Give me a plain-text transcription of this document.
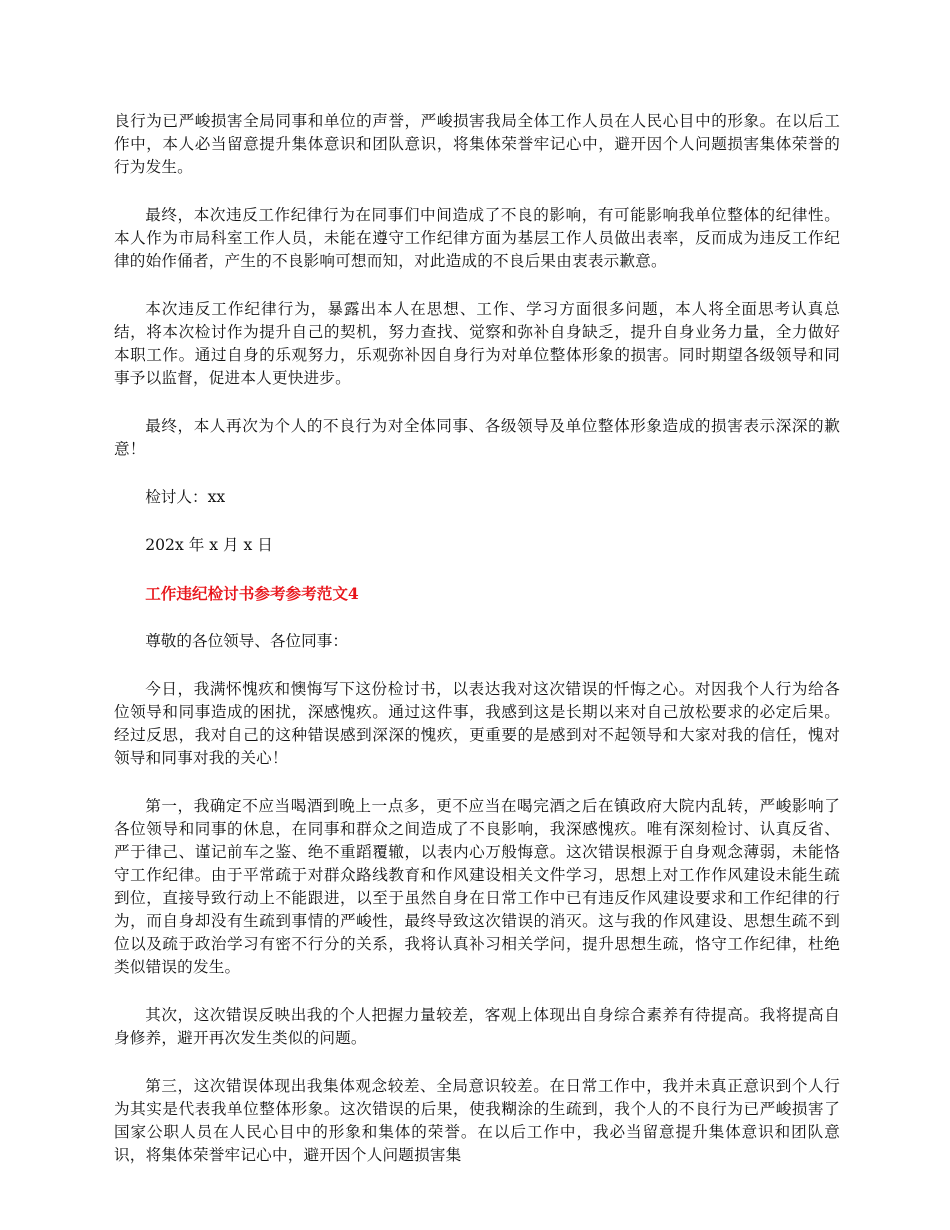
良行为已严峻损害全局同事和单位的声誉，严峻损害我局全体工作人员在人民心目中的形象。在以后工作中，本人必当留意提升集体意识和团队意识，将集体荣誉牢记心中，避开因个人问题损害集体荣誉的行为发生。

最终，本次违反工作纪律行为在同事们中间造成了不良的影响，有可能影响我单位整体的纪律性。本人作为市局科室工作人员，未能在遵守工作纪律方面为基层工作人员做出表率，反而成为违反工作纪律的始作俑者，产生的不良影响可想而知，对此造成的不良后果由衷表示歉意。

本次违反工作纪律行为，暴露出本人在思想、工作、学习方面很多问题，本人将全面思考认真总结，将本次检讨作为提升自己的契机，努力查找、觉察和弥补自身缺乏，提升自身业务力量，全力做好本职工作。通过自身的乐观努力，乐观弥补因自身行为对单位整体形象的损害。同时期望各级领导和同事予以监督，促进本人更快进步。

最终，本人再次为个人的不良行为对全体同事、各级领导及单位整体形象造成的损害表示深深的歉意！

检讨人：xx

202x 年 x 月 x 日

工作违纪检讨书参考参考范文4

尊敬的各位领导、各位同事：

今日，我满怀愧疚和懊悔写下这份检讨书，以表达我对这次错误的忏悔之心。对因我个人行为给各位领导和同事造成的困扰，深感愧疚。通过这件事，我感到这是长期以来对自己放松要求的必定后果。经过反思，我对自己的这种错误感到深深的愧疚，更重要的是感到对不起领导和大家对我的信任，愧对领导和同事对我的关心！

第一，我确定不应当喝酒到晚上一点多，更不应当在喝完酒之后在镇政府大院内乱转，严峻影响了各位领导和同事的休息，在同事和群众之间造成了不良影响，我深感愧疚。唯有深刻检讨、认真反省、严于律己、谨记前车之鉴、绝不重蹈覆辙，以表内心万般悔意。这次错误根源于自身观念薄弱，未能恪守工作纪律。由于平常疏于对群众路线教育和作风建设相关文件学习，思想上对工作作风建设未能生疏到位，直接导致行动上不能跟进，以至于虽然自身在日常工作中已有违反作风建设要求和工作纪律的行为，而自身却没有生疏到事情的严峻性，最终导致这次错误的消灭。这与我的作风建设、思想生疏不到位以及疏于政治学习有密不行分的关系，我将认真补习相关学问，提升思想生疏，恪守工作纪律，杜绝类似错误的发生。

其次，这次错误反映出我的个人把握力量较差，客观上体现出自身综合素养有待提高。我将提高自身修养，避开再次发生类似的问题。

第三，这次错误体现出我集体观念较差、全局意识较差。在日常工作中，我并未真正意识到个人行为其实是代表我单位整体形象。这次错误的后果，使我糊涂的生疏到，我个人的不良行为已严峻损害了国家公职人员在人民心目中的形象和集体的荣誉。在以后工作中，我必当留意提升集体意识和团队意识，将集体荣誉牢记心中，避开因个人问题损害集
